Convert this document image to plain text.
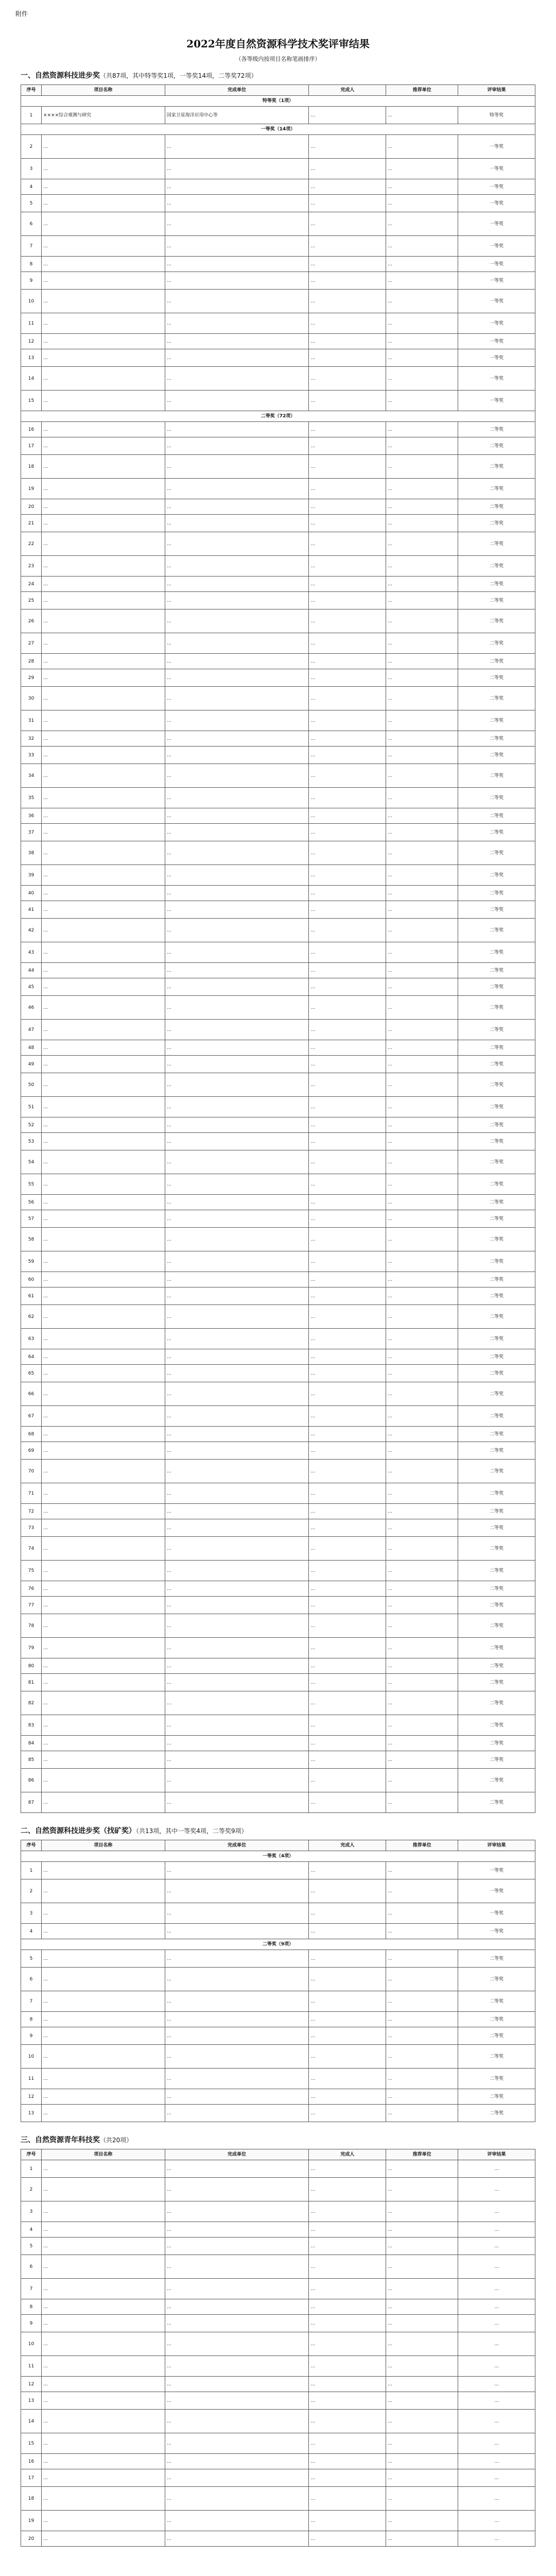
附件
2022年度自然资源科学技术奖评审结果
（各等级内按项目名称笔画排序）
一、自然资源科技进步奖（共87项，其中特等奖1项，一等奖14项，二等奖72项）
序号	项目名称	完成单位	完成人	推荐单位	评审结果
特等奖（1项）					
1	××××综合观测与研究	国家卫星海洋应用中心等	…	…	特等奖
一等奖（14项）					
2	…	…	…	…	一等奖
3	…	…	…	…	一等奖
4	…	…	…	…	一等奖
5	…	…	…	…	一等奖
6	…	…	…	…	一等奖
7	…	…	…	…	一等奖
8	…	…	…	…	一等奖
9	…	…	…	…	一等奖
10	…	…	…	…	一等奖
11	…	…	…	…	一等奖
12	…	…	…	…	一等奖
13	…	…	…	…	一等奖
14	…	…	…	…	一等奖
15	…	…	…	…	一等奖
二等奖（72项）					
16	…	…	…	…	二等奖
17	…	…	…	…	二等奖
18	…	…	…	…	二等奖
19	…	…	…	…	二等奖
20	…	…	…	…	二等奖
21	…	…	…	…	二等奖
22	…	…	…	…	二等奖
23	…	…	…	…	二等奖
24	…	…	…	…	二等奖
25	…	…	…	…	二等奖
26	…	…	…	…	二等奖
27	…	…	…	…	二等奖
28	…	…	…	…	二等奖
29	…	…	…	…	二等奖
30	…	…	…	…	二等奖
31	…	…	…	…	二等奖
32	…	…	…	…	二等奖
33	…	…	…	…	二等奖
34	…	…	…	…	二等奖
35	…	…	…	…	二等奖
36	…	…	…	…	二等奖
37	…	…	…	…	二等奖
38	…	…	…	…	二等奖
39	…	…	…	…	二等奖
40	…	…	…	…	二等奖
41	…	…	…	…	二等奖
42	…	…	…	…	二等奖
43	…	…	…	…	二等奖
44	…	…	…	…	二等奖
45	…	…	…	…	二等奖
46	…	…	…	…	二等奖
47	…	…	…	…	二等奖
48	…	…	…	…	二等奖
49	…	…	…	…	二等奖
50	…	…	…	…	二等奖
51	…	…	…	…	二等奖
52	…	…	…	…	二等奖
53	…	…	…	…	二等奖
54	…	…	…	…	二等奖
55	…	…	…	…	二等奖
56	…	…	…	…	二等奖
57	…	…	…	…	二等奖
58	…	…	…	…	二等奖
59	…	…	…	…	二等奖
60	…	…	…	…	二等奖
61	…	…	…	…	二等奖
62	…	…	…	…	二等奖
63	…	…	…	…	二等奖
64	…	…	…	…	二等奖
65	…	…	…	…	二等奖
66	…	…	…	…	二等奖
67	…	…	…	…	二等奖
68	…	…	…	…	二等奖
69	…	…	…	…	二等奖
70	…	…	…	…	二等奖
71	…	…	…	…	二等奖
72	…	…	…	…	二等奖
73	…	…	…	…	二等奖
74	…	…	…	…	二等奖
75	…	…	…	…	二等奖
76	…	…	…	…	二等奖
77	…	…	…	…	二等奖
78	…	…	…	…	二等奖
79	…	…	…	…	二等奖
80	…	…	…	…	二等奖
81	…	…	…	…	二等奖
82	…	…	…	…	二等奖
83	…	…	…	…	二等奖
84	…	…	…	…	二等奖
85	…	…	…	…	二等奖
86	…	…	…	…	二等奖
87	…	…	…	…	二等奖
二、自然资源科技进步奖（找矿奖）（共13项，其中一等奖4项，二等奖9项）
序号	项目名称	完成单位	完成人	推荐单位	评审结果
一等奖（4项）					
1	…	…	…	…	一等奖
2	…	…	…	…	一等奖
3	…	…	…	…	一等奖
4	…	…	…	…	一等奖
二等奖（9项）					
5	…	…	…	…	二等奖
6	…	…	…	…	二等奖
7	…	…	…	…	二等奖
8	…	…	…	…	二等奖
9	…	…	…	…	二等奖
10	…	…	…	…	二等奖
11	…	…	…	…	二等奖
12	…	…	…	…	二等奖
13	…	…	…	…	二等奖
三、自然资源青年科技奖（共20项）
序号	项目名称	完成单位	完成人	推荐单位	评审结果
1	…	…	…	…	…
2	…	…	…	…	…
3	…	…	…	…	…
4	…	…	…	…	…
5	…	…	…	…	…
6	…	…	…	…	…
7	…	…	…	…	…
8	…	…	…	…	…
9	…	…	…	…	…
10	…	…	…	…	…
11	…	…	…	…	…
12	…	…	…	…	…
13	…	…	…	…	…
14	…	…	…	…	…
15	…	…	…	…	…
16	…	…	…	…	…
17	…	…	…	…	…
18	…	…	…	…	…
19	…	…	…	…	…
20	…	…	…	…	…
